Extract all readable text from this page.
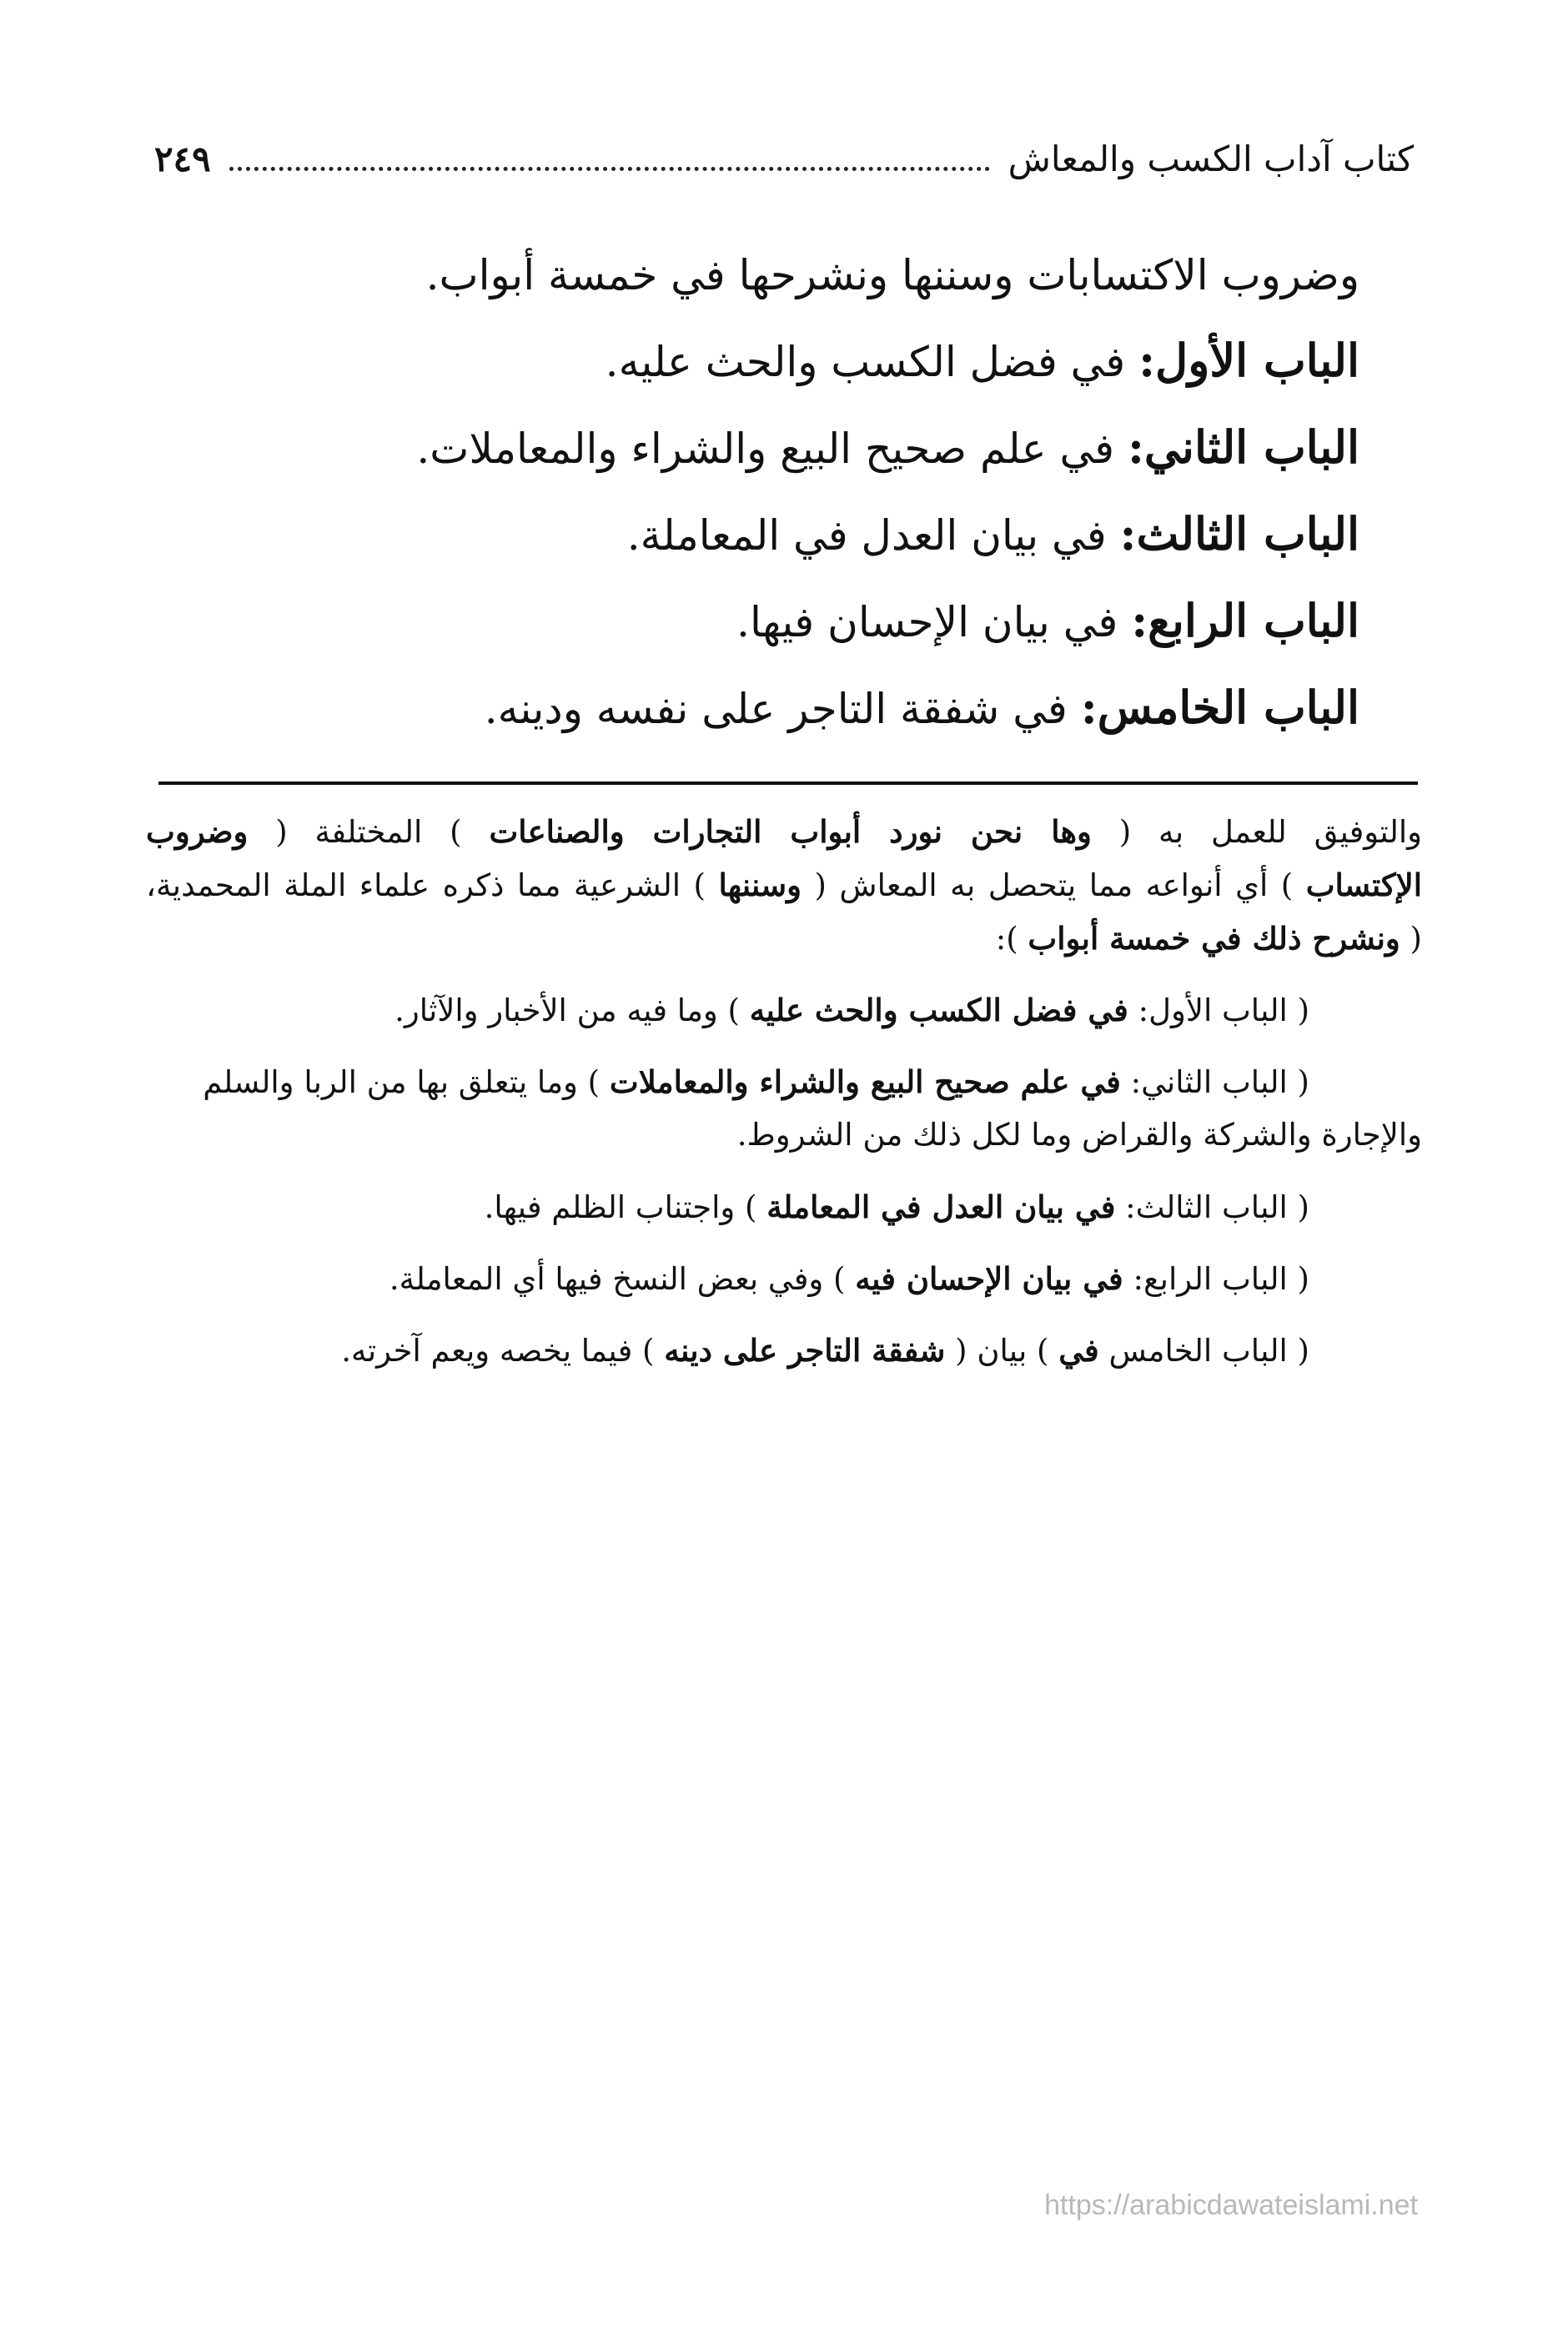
كتاب آداب الكسب والمعاش
٢٤٩
وضروب الاكتسابات وسننها ونشرحها في خمسة أبواب.
الباب الأول: في فضل الكسب والحث عليه.
الباب الثاني: في علم صحيح البيع والشراء والمعاملات.
الباب الثالث: في بيان العدل في المعاملة.
الباب الرابع: في بيان الإحسان فيها.
الباب الخامس: في شفقة التاجر على نفسه ودينه.
والتوفيق للعمل به ( وها نحن نورد أبواب التجارات والصناعات ) المختلفة ( وضروب
الإكتساب ) أي أنواعه مما يتحصل به المعاش ( وسننها ) الشرعية مما ذكره علماء الملة المحمدية،
( ونشرح ذلك في خمسة أبواب ):
( الباب الأول: في فضل الكسب والحث عليه ) وما فيه من الأخبار والآثار.
( الباب الثاني: في علم صحيح البيع والشراء والمعاملات ) وما يتعلق بها من الربا والسلم
والإجارة والشركة والقراض وما لكل ذلك من الشروط.
( الباب الثالث: في بيان العدل في المعاملة ) واجتناب الظلم فيها.
( الباب الرابع: في بيان الإحسان فيه ) وفي بعض النسخ فيها أي المعاملة.
( الباب الخامس في ) بيان ( شفقة التاجر على دينه ) فيما يخصه ويعم آخرته.
https://arabicdawateislami.net
